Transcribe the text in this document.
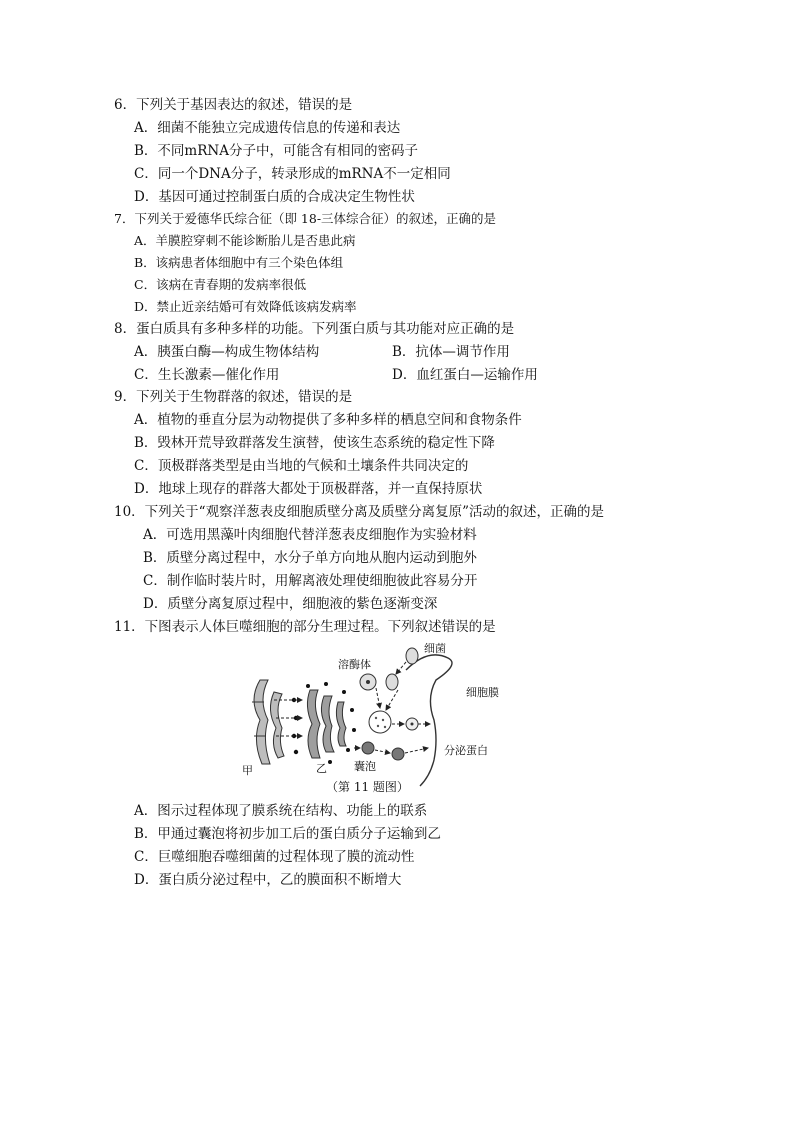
6．下列关于基因表达的叙述，错误的是
A．细菌不能独立完成遗传信息的传递和表达
B．不同mRNA分子中，可能含有相同的密码子
C．同一个DNA分子，转录形成的mRNA不一定相同
D．基因可通过控制蛋白质的合成决定生物性状
7．下列关于爱德华氏综合征（即 18-三体综合征）的叙述，正确的是
A．羊膜腔穿刺不能诊断胎儿是否患此病
B．该病患者体细胞中有三个染色体组
C．该病在青春期的发病率很低
D．禁止近亲结婚可有效降低该病发病率
8．蛋白质具有多种多样的功能。下列蛋白质与其功能对应正确的是
A．胰蛋白酶—构成生物体结构	B．抗体—调节作用
C．生长激素—催化作用	D．血红蛋白—运输作用
9．下列关于生物群落的叙述，错误的是
A．植物的垂直分层为动物提供了多种多样的栖息空间和食物条件
B．毁林开荒导致群落发生演替，使该生态系统的稳定性下降
C．顶极群落类型是由当地的气候和土壤条件共同决定的
D．地球上现存的群落大都处于顶极群落，并一直保持原状
10．下列关于“观察洋葱表皮细胞质壁分离及质壁分离复原”活动的叙述，正确的是
A．可选用黑藻叶肉细胞代替洋葱表皮细胞作为实验材料
B．质壁分离过程中，水分子单方向地从胞内运动到胞外
C．制作临时装片时，用解离液处理使细胞彼此容易分开
D．质壁分离复原过程中，细胞液的紫色逐渐变深
11．下图表示人体巨噬细胞的部分生理过程。下列叙述错误的是
溶酶体
细菌
细胞膜
分泌蛋白
囊泡
甲	乙
（第 11 题图）
A．图示过程体现了膜系统在结构、功能上的联系
B．甲通过囊泡将初步加工后的蛋白质分子运输到乙
C．巨噬细胞吞噬细菌的过程体现了膜的流动性
D．蛋白质分泌过程中，乙的膜面积不断增大
